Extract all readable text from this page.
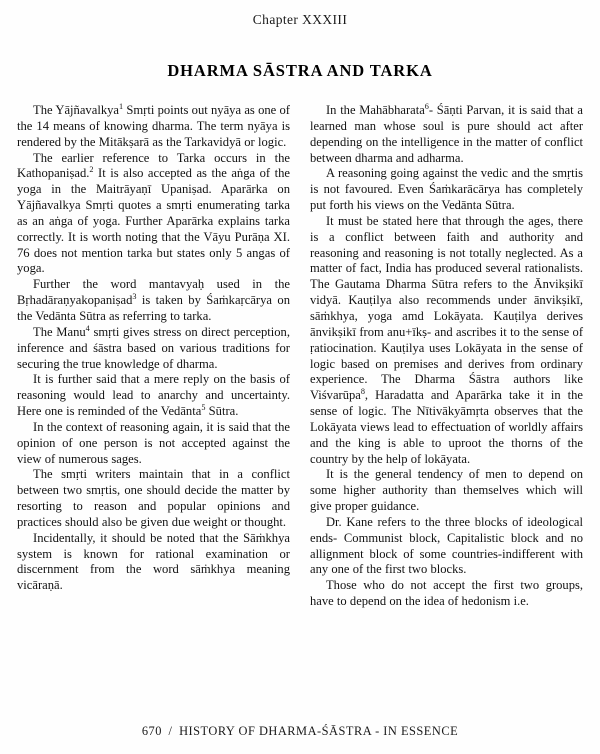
Chapter XXXIII
DHARMA SĀSTRA AND TARKA

The Yājñavalkya$^1$ Smṛti points out nyāya as one of the 14 means of knowing dharma. The term nyāya is rendered by the Mitākṣarā as the Tarkavidyā or logic.

The earlier reference to Tarka occurs in the Kathopaniṣad.$^2$ It is also accepted as the aṅga of the yoga in the Maitrāyaṇī Upaniṣad. Aparārka on Yājñavalkya Smṛti quotes a smṛti enumerating tarka as an aṅga of yoga. Further Aparārka explains tarka correctly. It is worth noting that the Vāyu Purāṇa XI. 76 does not mention tarka but states only 5 angas of yoga.

Further the word mantavyaḥ used in the Bṛhadāraṇyakopaniṣad$^3$ is taken by Śaṁkaṛcārya on the Vedānta Sūtra as referring to tarka.

The Manu$^4$ smṛti gives stress on direct perception, inference and śāstra based on various traditions for securing the true knowledge of dharma.

It is further said that a mere reply on the basis of reasoning would lead to anarchy and uncertainty. Here one is reminded of the Vedānta$^5$ Sūtra.

In the context of reasoning again, it is said that the opinion of one person is not accepted against the view of numerous sages.

The smṛti writers maintain that in a conflict between two smṛtis, one should decide the matter by resorting to reason and popular opinions and practices should also be given due weight or thought.

Incidentally, it should be noted that the Sāṁkhya system is known for rational examination or discernment from the word sāṁkhya meaning vicāraṇā.

In the Mahābharata$^6$- Śāṇti Parvan, it is said that a learned man whose soul is pure should act after depending on the intelligence in the matter of conflict between dharma and adharma.

A reasoning going against the vedic and the smṛtis is not favoured. Even Śaṁkarācārya has completely put forth his views on the Vedānta Sūtra.

It must be stated here that through the ages, there is a conflict between faith and authority and reasoning and reasoning is not totally neglected. As a matter of fact, India has produced several rationalists. The Gautama Dharma Sūtra refers to the Ānvikṣikī vidyā. Kauṭilya also recommends under ānvikṣikī, sāṁkhya, yoga amd Lokāyata. Kauṭilya derives ānvikṣikī from anu+īkṣ- and ascribes it to the sense of ṛatiocination. Kauṭilya uses Lokāyata in the sense of logic based on premises and derives from ordinary experience. The Dharma Śāstra authors like Viśvarūpa$^8$, Haradatta and Aparārka take it in the sense of logic. The Nītivākyāmṛta observes that the Lokāyata views lead to effectuation of worldly affairs and the king is able to uproot the thorns of the country by the help of lokāyata.

It is the general tendency of men to depend on some higher authority than themselves which will give proper guidance.

Dr. Kane refers to the three blocks of ideological ends- Communist block, Capitalistic block and no allignment block of some countries-indifferent with any one of the first two blocks.

Those who do not accept the first two groups, have to depend on the idea of hedonism i.e.

670 / HISTORY OF DHARMA-ŚĀSTRA - IN ESSENCE
